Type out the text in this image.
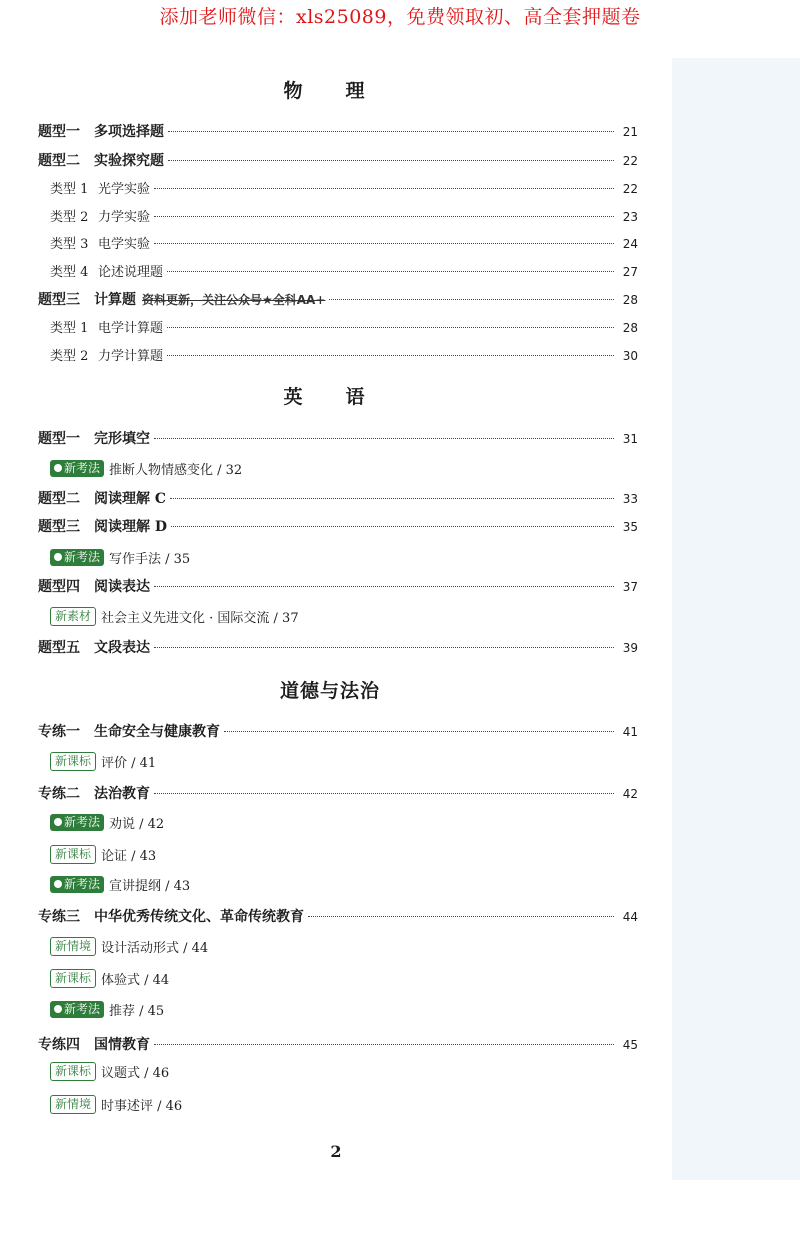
添加老师微信：xls25089，免费领取初、高全套押题卷
物　理
题型一	多项选择题	21
题型二	实验探究题	22
类型 1 光学实验	22
类型 2 力学实验	23
类型 3 电学实验	24
类型 4 论述说理题	27
题型三	计算题 资料更新，关注公众号★全科AA+	28
类型 1 电学计算题	28
类型 2 力学计算题	30
英　语
题型一	完形填空	31
新考法 推断人物情感变化 / 32
题型二	阅读理解 C	33
题型三	阅读理解 D	35
新考法 写作手法 / 35
题型四	阅读表达	37
新素材 社会主义先进文化 · 国际交流 / 37
题型五	文段表达	39
道德与法治
专练一	生命安全与健康教育	41
新课标 评价 / 41
专练二	法治教育	42
新考法 劝说 / 42
新课标 论证 / 43
新考法 宣讲提纲 / 43
专练三	中华优秀传统文化、革命传统教育	44
新情境 设计活动形式 / 44
新课标 体验式 / 44
新考法 推荐 / 45
专练四	国情教育	45
新课标 议题式 / 46
新情境 时事述评 / 46
2
